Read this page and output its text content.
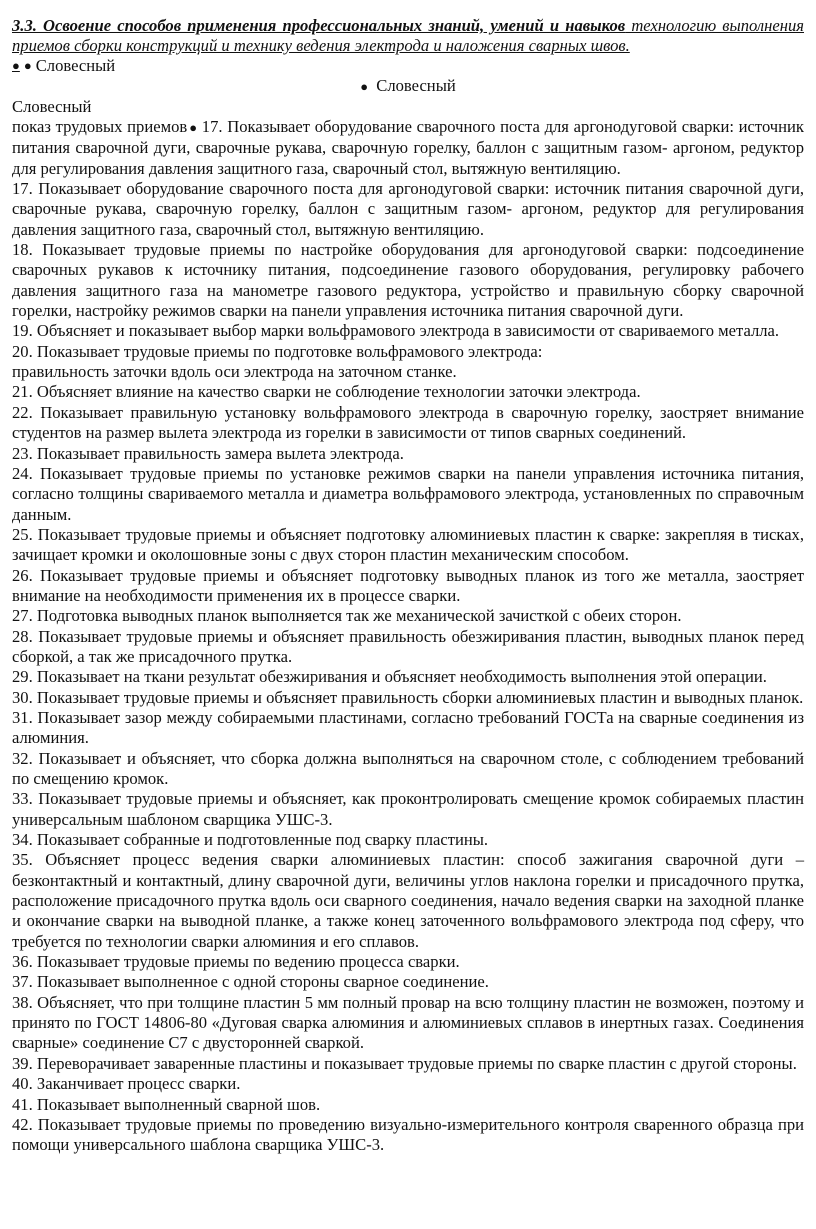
3.3. Освоение способов применения профессиональных знаний, умений и навыков технологию выполнения приемов сборки конструкций и технику ведения электрода и наложения сварных швов.

● ● Словесный

● Словесный

Словесный

показ трудовых приемов ● 17. Показывает оборудование сварочного поста для аргонодуговой сварки: источник питания сварочной дуги, сварочные рукава, сварочную горелку, баллон с защитным газом- аргоном, редуктор для регулирования давления защитного газа, сварочный стол, вытяжную вентиляцию.

17. Показывает оборудование сварочного поста для аргонодуговой сварки: источник питания сварочной дуги, сварочные рукава, сварочную горелку, баллон с защитным газом- аргоном, редуктор для регулирования давления защитного газа, сварочный стол, вытяжную вентиляцию.

18. Показывает трудовые приемы по настройке оборудования для аргонодуговой сварки: подсоединение сварочных рукавов к источнику питания, подсоединение газового оборудования, регулировку рабочего давления защитного газа на манометре газового редуктора, устройство и правильную сборку сварочной горелки, настройку режимов сварки на панели управления источника питания сварочной дуги.

19. Объясняет и показывает выбор марки вольфрамового электрода в зависимости от свариваемого металла.

20. Показывает трудовые приемы по подготовке вольфрамового электрода:

правильность заточки вдоль оси электрода на заточном станке.

21. Объясняет влияние на качество сварки не соблюдение технологии заточки электрода.

22. Показывает правильную установку вольфрамового электрода в сварочную горелку, заостряет внимание студентов на размер вылета электрода из горелки в зависимости от типов сварных соединений.

23. Показывает правильность замера вылета электрода.

24. Показывает трудовые приемы по установке режимов сварки на панели управления источника питания, согласно толщины свариваемого металла и диаметра вольфрамового электрода, установленных по справочным данным.

25. Показывает трудовые приемы и объясняет подготовку алюминиевых пластин к сварке: закрепляя в тисках, зачищает кромки и околошовные зоны с двух сторон пластин механическим способом.

26. Показывает трудовые приемы и объясняет подготовку выводных планок из того же металла, заостряет внимание на необходимости применения их в процессе сварки.

27. Подготовка выводных планок выполняется так же механической зачисткой с обеих сторон.

28. Показывает трудовые приемы и объясняет правильность обезжиривания пластин, выводных планок перед сборкой, а так же присадочного прутка.

29. Показывает на ткани результат обезжиривания и объясняет необходимость выполнения этой операции.

30. Показывает трудовые приемы и объясняет правильность сборки алюминиевых пластин и выводных планок.

31. Показывает зазор между собираемыми пластинами, согласно требований ГОСТа на сварные соединения из алюминия.

32. Показывает и объясняет, что сборка должна выполняться на сварочном столе, с соблюдением требований по смещению кромок.

33. Показывает трудовые приемы и объясняет, как проконтролировать смещение кромок собираемых пластин универсальным шаблоном сварщика УШС-3.

34. Показывает собранные и подготовленные под сварку пластины.

35. Объясняет процесс ведения сварки алюминиевых пластин: способ зажигания сварочной дуги – безконтактный и контактный, длину сварочной дуги, величины углов наклона горелки и присадочного прутка, расположение присадочного прутка вдоль оси сварного соединения, начало ведения сварки на заходной планке и окончание сварки на выводной планке, а также конец заточенного вольфрамового электрода под сферу, что требуется по технологии сварки алюминия и его сплавов.

36. Показывает трудовые приемы по ведению процесса сварки.

37. Показывает выполненное с одной стороны сварное соединение.

38. Объясняет, что при толщине пластин 5 мм полный провар на всю толщину пластин не возможен, поэтому и принято по ГОСТ 14806-80 «Дуговая сварка алюминия и алюминиевых сплавов в инертных газах. Соединения сварные» соединение С7 с двусторонней сваркой.

39. Переворачивает заваренные пластины и показывает трудовые приемы по сварке пластин с другой стороны.

40. Заканчивает процесс сварки.

41. Показывает выполненный сварной шов.

42. Показывает трудовые приемы по проведению визуально-измерительного контроля сваренного образца при помощи универсального шаблона сварщика УШС-3.
